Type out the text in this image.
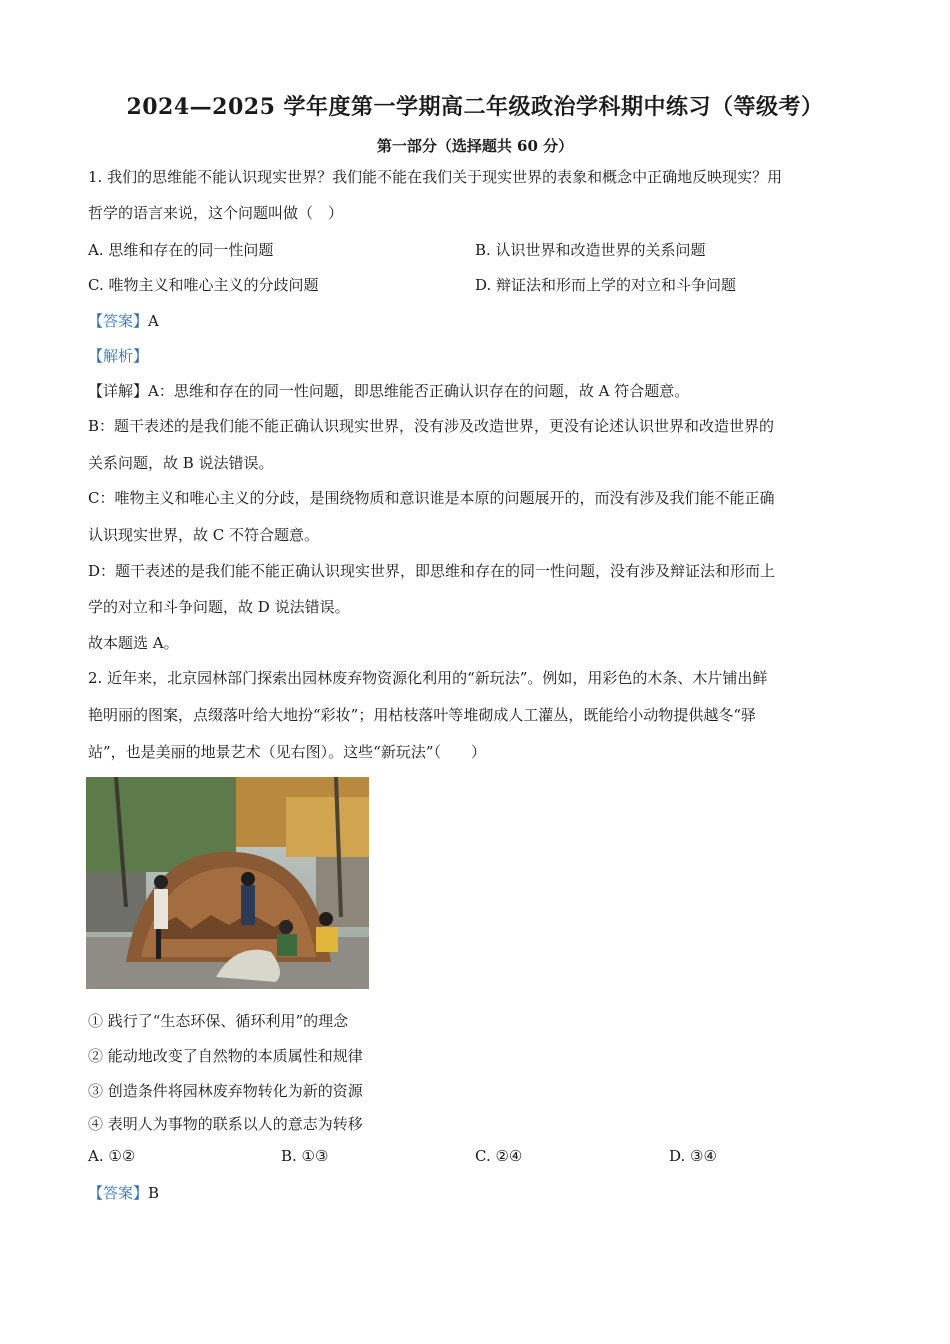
2024—2025 学年度第一学期高二年级政治学科期中练习（等级考）
第一部分（选择题共 60 分）
1. 我们的思维能不能认识现实世界？我们能不能在我们关于现实世界的表象和概念中正确地反映现实？用
哲学的语言来说，这个问题叫做（　）
A. 思维和存在的同一性问题	B. 认识世界和改造世界的关系问题
C. 唯物主义和唯心主义的分歧问题	D. 辩证法和形而上学的对立和斗争问题
【答案】A
【解析】
【详解】A：思维和存在的同一性问题，即思维能否正确认识存在的问题，故 A 符合题意。
B：题干表述的是我们能不能正确认识现实世界，没有涉及改造世界，更没有论述认识世界和改造世界的
关系问题，故 B 说法错误。
C：唯物主义和唯心主义的分歧，是围绕物质和意识谁是本原的问题展开的，而没有涉及我们能不能正确
认识现实世界，故 C 不符合题意。
D：题干表述的是我们能不能正确认识现实世界，即思维和存在的同一性问题，没有涉及辩证法和形而上
学的对立和斗争问题，故 D 说法错误。
故本题选 A。
2. 近年来，北京园林部门探索出园林废弃物资源化利用的“新玩法”。例如，用彩色的木条、木片铺出鲜
艳明丽的图案，点缀落叶给大地扮“彩妆”；用枯枝落叶等堆砌成人工灌丛，既能给小动物提供越冬“驿
站”，也是美丽的地景艺术（见右图）。这些“新玩法”（　　）
① 践行了“生态环保、循环利用”的理念
② 能动地改变了自然物的本质属性和规律
③ 创造条件将园林废弃物转化为新的资源
④ 表明人为事物的联系以人的意志为转移
A. ①②	B. ①③	C. ②④	D. ③④
【答案】B
